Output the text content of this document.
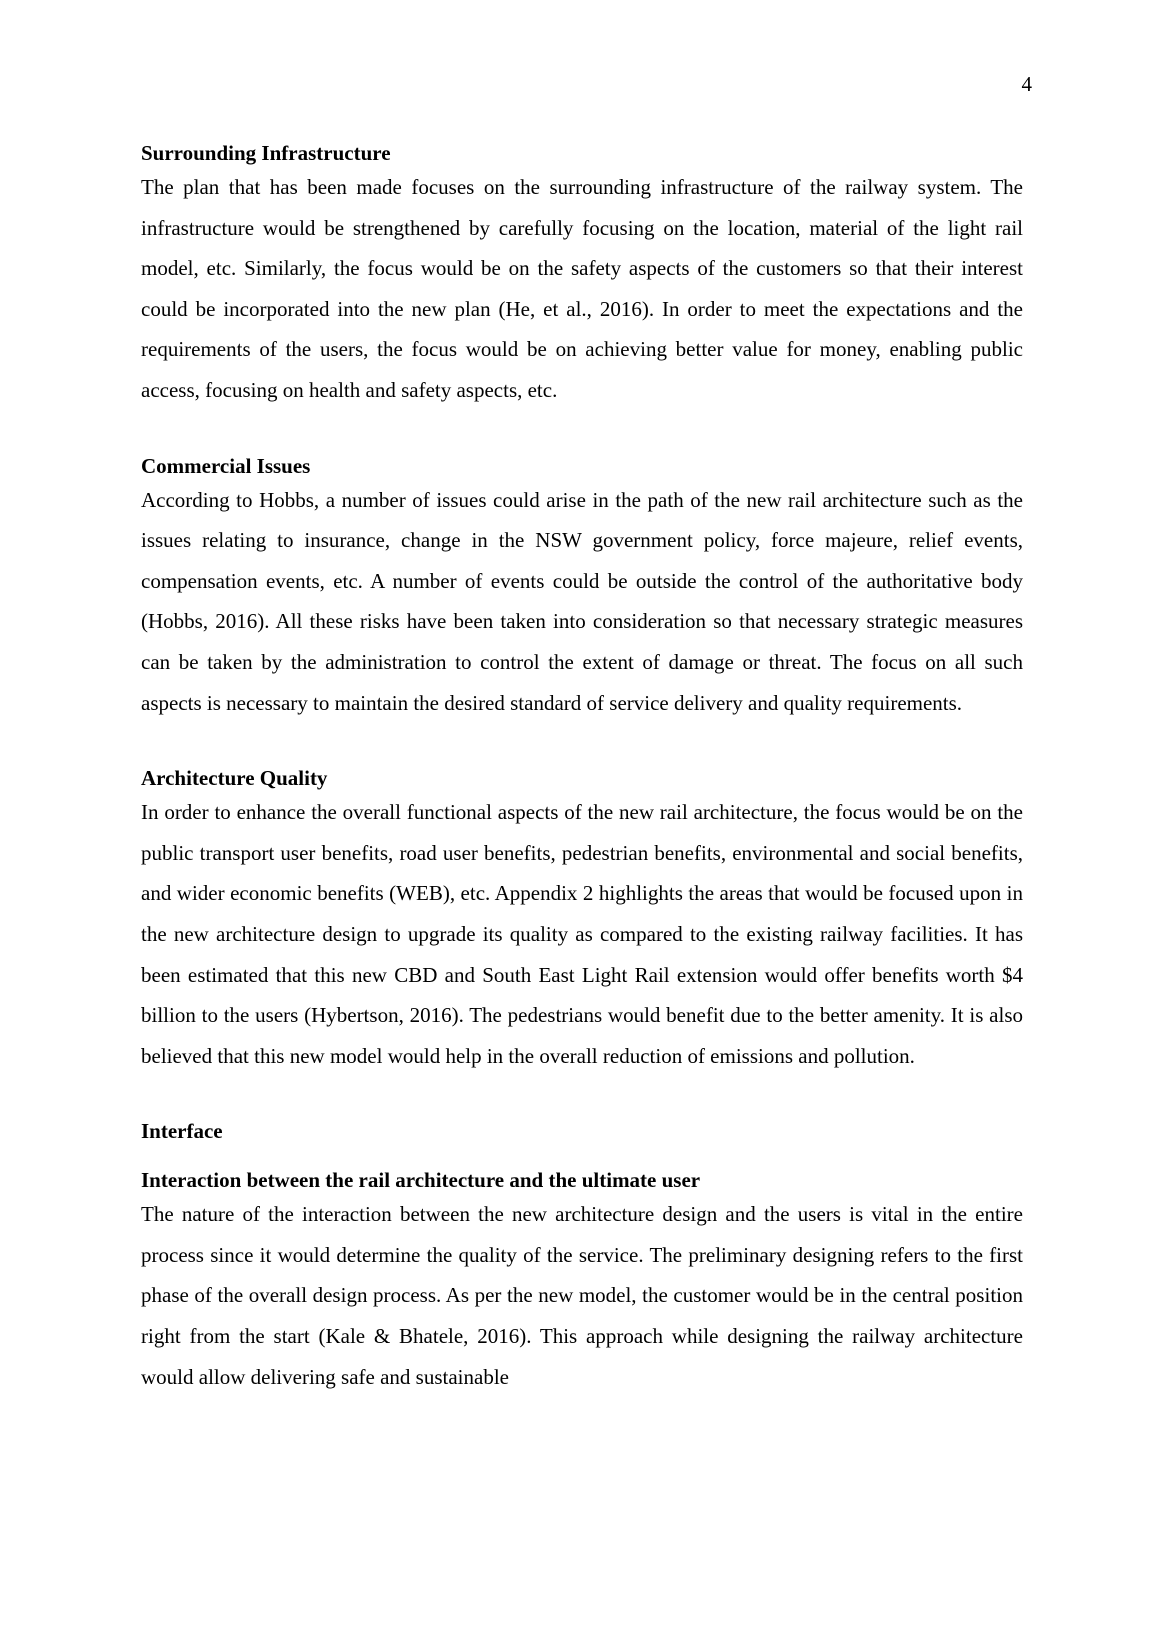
4

Surrounding Infrastructure

The plan that has been made focuses on the surrounding infrastructure of the railway system. The infrastructure would be strengthened by carefully focusing on the location, material of the light rail model, etc. Similarly, the focus would be on the safety aspects of the customers so that their interest could be incorporated into the new plan (He, et al., 2016). In order to meet the expectations and the requirements of the users, the focus would be on achieving better value for money, enabling public access, focusing on health and safety aspects, etc.

Commercial Issues

According to Hobbs, a number of issues could arise in the path of the new rail architecture such as the issues relating to insurance, change in the NSW government policy, force majeure, relief events, compensation events, etc. A number of events could be outside the control of the authoritative body (Hobbs, 2016). All these risks have been taken into consideration so that necessary strategic measures can be taken by the administration to control the extent of damage or threat. The focus on all such aspects is necessary to maintain the desired standard of service delivery and quality requirements.

Architecture Quality

In order to enhance the overall functional aspects of the new rail architecture, the focus would be on the public transport user benefits, road user benefits, pedestrian benefits, environmental and social benefits, and wider economic benefits (WEB), etc. Appendix 2 highlights the areas that would be focused upon in the new architecture design to upgrade its quality as compared to the existing railway facilities. It has been estimated that this new CBD and South East Light Rail extension would offer benefits worth $4 billion to the users (Hybertson, 2016). The pedestrians would benefit due to the better amenity. It is also believed that this new model would help in the overall reduction of emissions and pollution.

Interface

Interaction between the rail architecture and the ultimate user

The nature of the interaction between the new architecture design and the users is vital in the entire process since it would determine the quality of the service. The preliminary designing refers to the first phase of the overall design process. As per the new model, the customer would be in the central position right from the start (Kale & Bhatele, 2016). This approach while designing the railway architecture would allow delivering safe and sustainable
